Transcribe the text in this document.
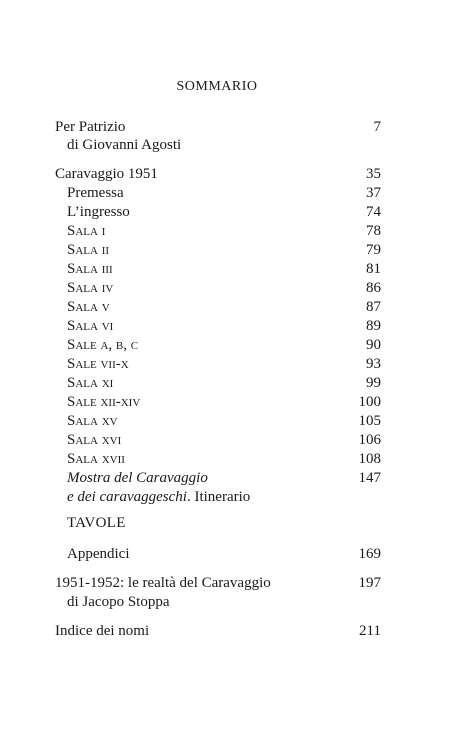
SOMMARIO
Per Patrizio	7
di Giovanni Agosti
Caravaggio 1951	35
Premessa	37
L’ingresso	74
Sala i	78
Sala ii	79
Sala iii	81
Sala iv	86
Sala v	87
Sala vi	89
Sale a, b, c	90
Sale vii-x	93
Sala xi	99
Sale xii-xiv	100
Sala xv	105
Sala xvi	106
Sala xvii	108
Mostra del Caravaggio	147
e dei caravaggeschi. Itinerario
TAVOLE
Appendici	169
1951-1952: le realtà del Caravaggio	197
di Jacopo Stoppa
Indice dei nomi	211
